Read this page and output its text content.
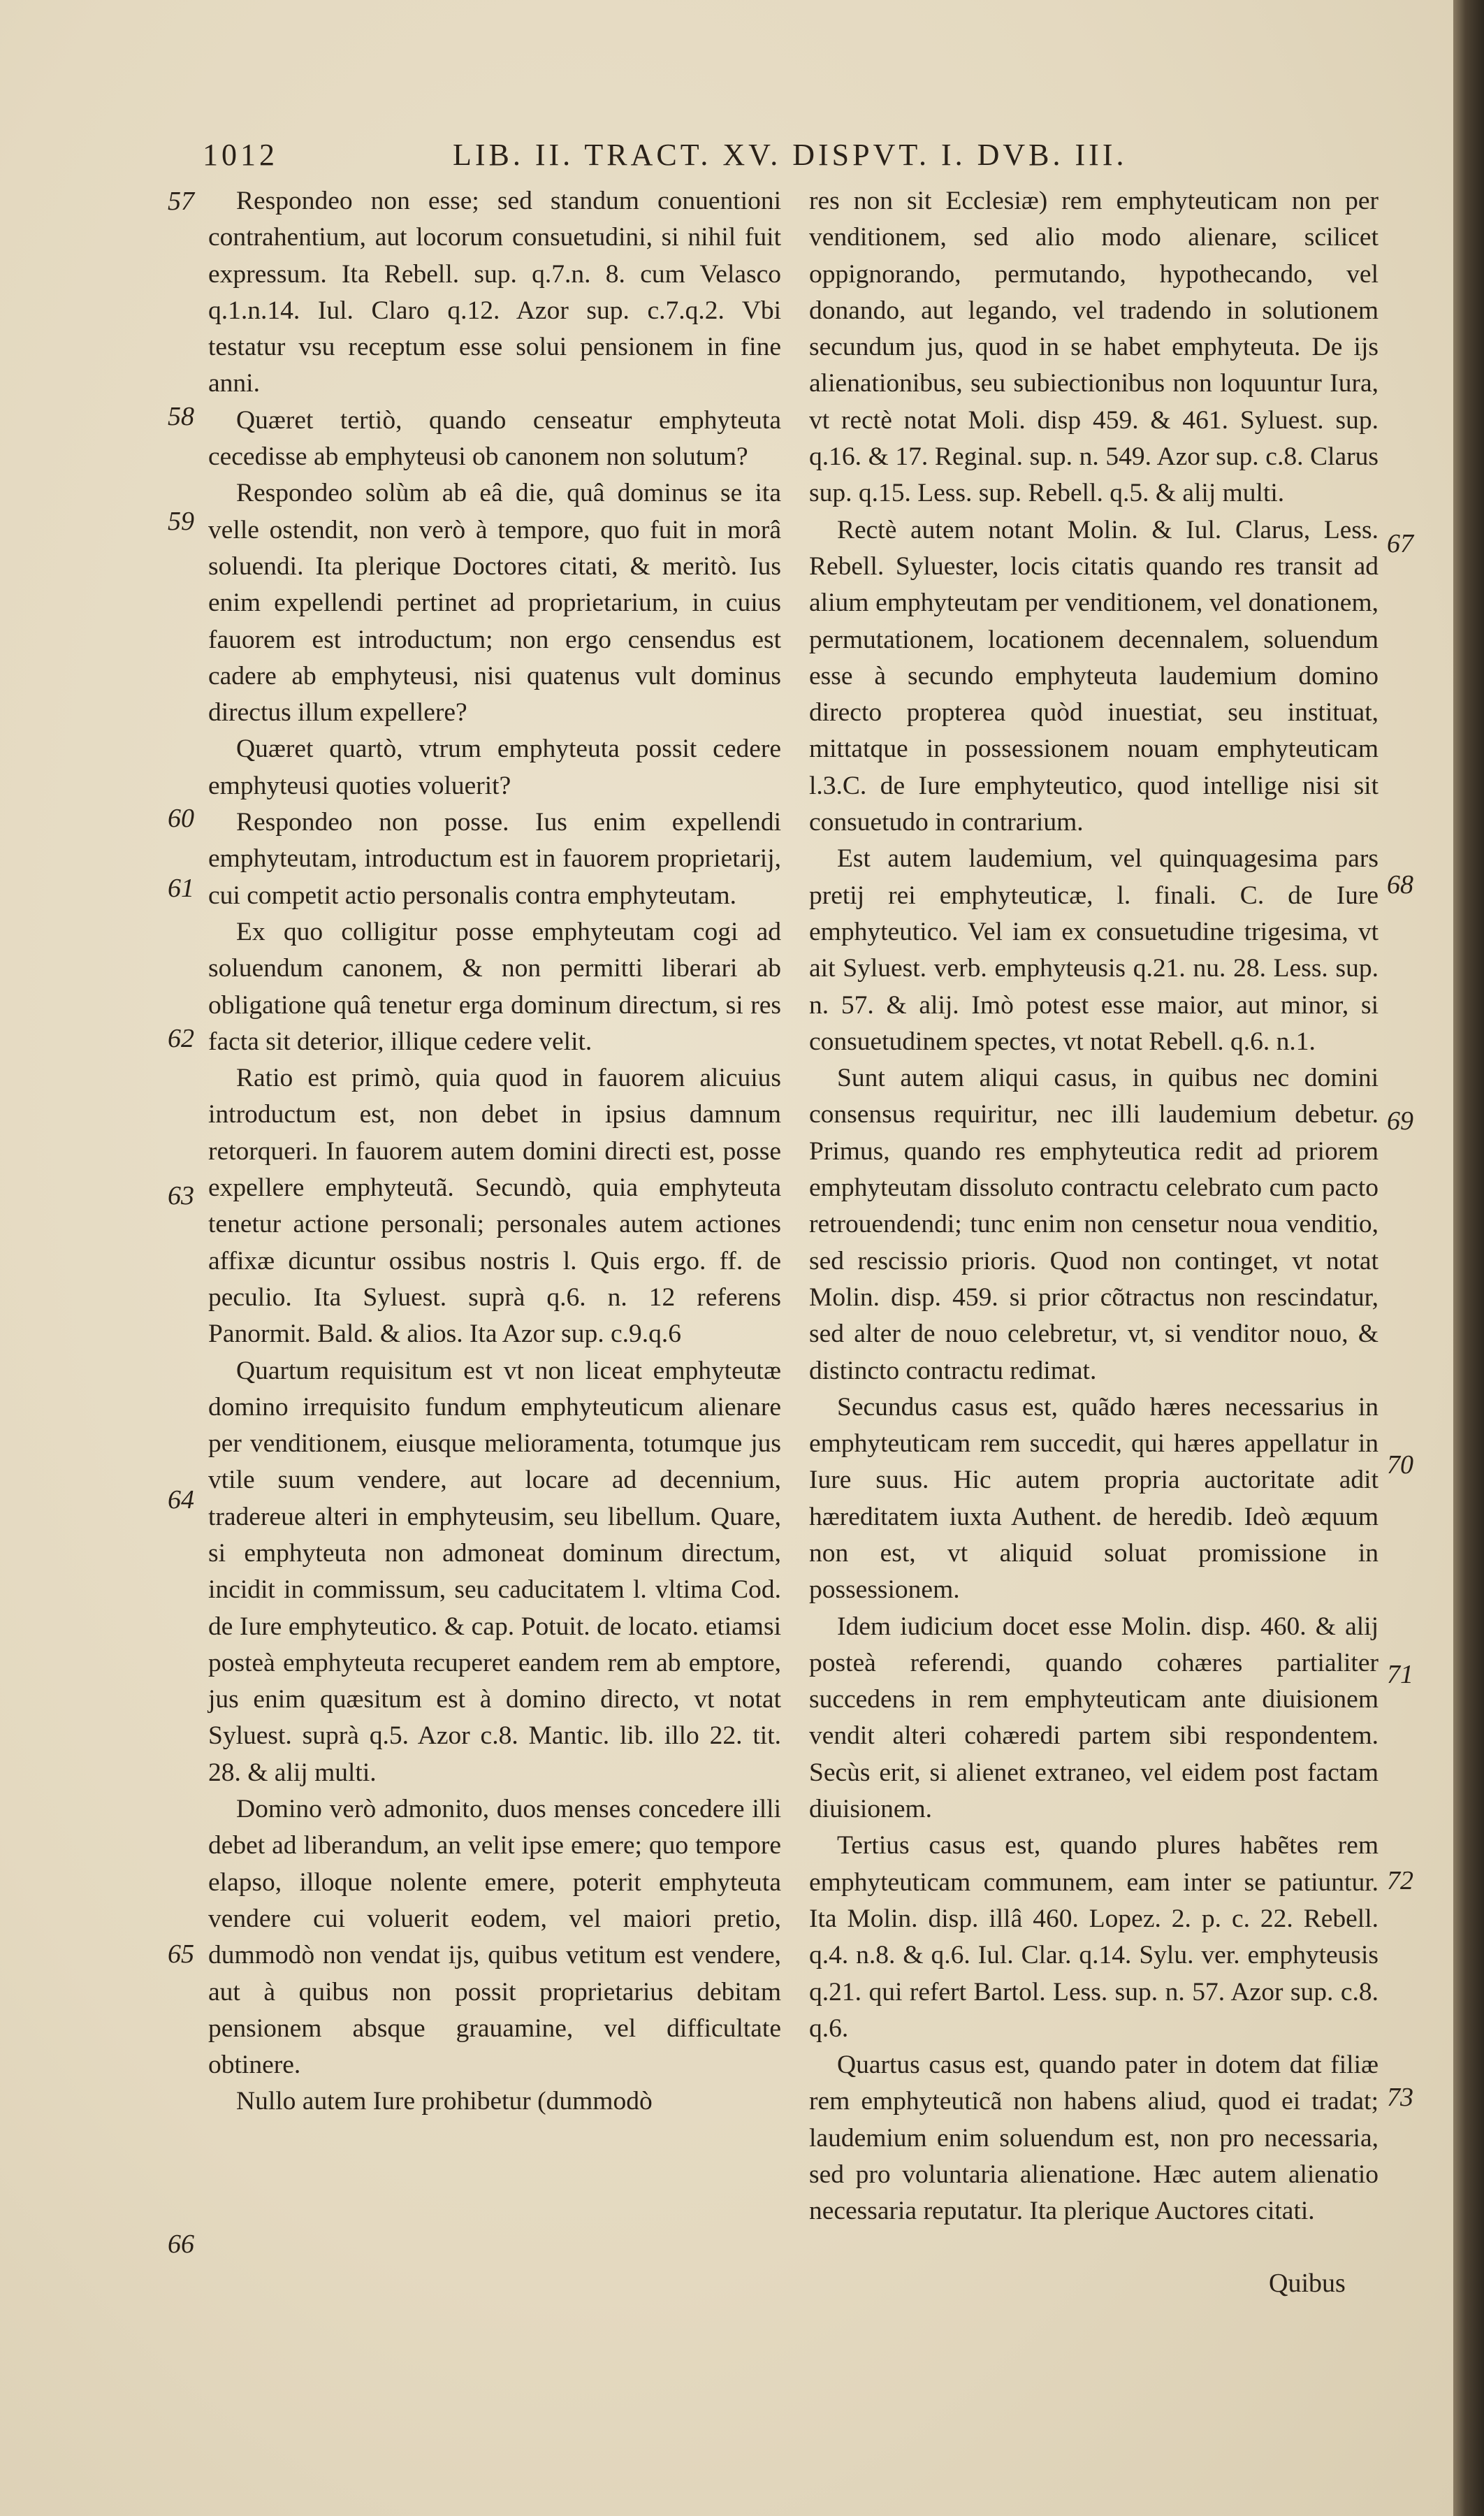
1012	LIB. II. TRACT. XV. DISPVT. I. DVB. III.
57
58
59
60
61
62
63
64
65
66
Respondeo non esse; sed standum conuentioni contrahentium, aut locorum consuetudini, si nihil fuit expressum. Ita Rebell. sup. q.7.n. 8. cum Velasco q.1.n.14. Iul. Claro q.12. Azor sup. c.7.q.2. Vbi testatur vsu receptum esse solui pensionem in fine anni.
Quæret tertiò, quando censeatur emphyteuta cecedisse ab emphyteusi ob canonem non solutum?
Respondeo solùm ab eâ die, quâ dominus se ita velle ostendit, non verò à tempore, quo fuit in morâ soluendi. Ita plerique Doctores citati, & meritò. Ius enim expellendi pertinet ad proprietarium, in cuius fauorem est introductum; non ergo censendus est cadere ab emphyteusi, nisi quatenus vult dominus directus illum expellere?
Quæret quartò, vtrum emphyteuta possit cedere emphyteusi quoties voluerit?
Respondeo non posse. Ius enim expellendi emphyteutam, introductum est in fauorem proprietarij, cui competit actio personalis contra emphyteutam.
Ex quo colligitur posse emphyteutam cogi ad soluendum canonem, & non permitti liberari ab obligatione quâ tenetur erga dominum directum, si res facta sit deterior, illique cedere velit.
Ratio est primò, quia quod in fauorem alicuius introductum est, non debet in ipsius damnum retorqueri. In fauorem autem domini directi est, posse expellere emphyteutã. Secundò, quia emphyteuta tenetur actione personali; personales autem actiones affixæ dicuntur ossibus nostris l. Quis ergo. ff. de peculio. Ita Syluest. suprà q.6. n. 12 referens Panormit. Bald. & alios. Ita Azor sup. c.9.q.6
Quartum requisitum est vt non liceat emphyteutæ domino irrequisito fundum emphyteuticum alienare per venditionem, eiusque melioramenta, totumque jus vtile suum vendere, aut locare ad decennium, tradereue alteri in emphyteusim, seu libellum. Quare, si emphyteuta non admoneat dominum directum, incidit in commissum, seu caducitatem l. vltima Cod. de Iure emphyteutico. & cap. Potuit. de locato. etiamsi posteà emphyteuta recuperet eandem rem ab emptore, jus enim quæsitum est à domino directo, vt notat Syluest. suprà q.5. Azor c.8. Mantic. lib. illo 22. tit. 28. & alij multi.
Domino verò admonito, duos menses concedere illi debet ad liberandum, an velit ipse emere; quo tempore elapso, illoque nolente emere, poterit emphyteuta vendere cui voluerit eodem, vel maiori pretio, dummodò non vendat ijs, quibus vetitum est vendere, aut à quibus non possit proprietarius debitam pensionem absque grauamine, vel difficultate obtinere.
Nullo autem Iure prohibetur (dummodò
67
68
69
70
71
72
73
res non sit Ecclesiæ) rem emphyteuticam non per venditionem, sed alio modo alienare, scilicet oppignorando, permutando, hypothecando, vel donando, aut legando, vel tradendo in solutionem secundum jus, quod in se habet emphyteuta. De ijs alienationibus, seu subiectionibus non loquuntur Iura, vt rectè notat Moli. disp 459. & 461. Syluest. sup. q.16. & 17. Reginal. sup. n. 549. Azor sup. c.8. Clarus sup. q.15. Less. sup. Rebell. q.5. & alij multi.
Rectè autem notant Molin. & Iul. Clarus, Less. Rebell. Syluester, locis citatis quando res transit ad alium emphyteutam per venditionem, vel donationem, permutationem, locationem decennalem, soluendum esse à secundo emphyteuta laudemium domino directo propterea quòd inuestiat, seu instituat, mittatque in possessionem nouam emphyteuticam l.3.C. de Iure emphyteutico, quod intellige nisi sit consuetudo in contrarium.
Est autem laudemium, vel quinquagesima pars pretij rei emphyteuticæ, l. finali. C. de Iure emphyteutico. Vel iam ex consuetudine trigesima, vt ait Syluest. verb. emphyteusis q.21. nu. 28. Less. sup. n. 57. & alij. Imò potest esse maior, aut minor, si consuetudinem spectes, vt notat Rebell. q.6. n.1.
Sunt autem aliqui casus, in quibus nec domini consensus requiritur, nec illi laudemium debetur. Primus, quando res emphyteutica redit ad priorem emphyteutam dissoluto contractu celebrato cum pacto retrouendendi; tunc enim non censetur noua venditio, sed rescissio prioris. Quod non continget, vt notat Molin. disp. 459. si prior cõtractus non rescindatur, sed alter de nouo celebretur, vt, si venditor nouo, & distincto contractu redimat.
Secundus casus est, quãdo hæres necessarius in emphyteuticam rem succedit, qui hæres appellatur in Iure suus. Hic autem propria auctoritate adit hæreditatem iuxta Authent. de heredib. Ideò æquum non est, vt aliquid soluat promissione in possessionem.
Idem iudicium docet esse Molin. disp. 460. & alij posteà referendi, quando cohæres partialiter succedens in rem emphyteuticam ante diuisionem vendit alteri cohæredi partem sibi respondentem. Secùs erit, si alienet extraneo, vel eidem post factam diuisionem.
Tertius casus est, quando plures habẽtes rem emphyteuticam communem, eam inter se patiuntur. Ita Molin. disp. illâ 460. Lopez. 2. p. c. 22. Rebell. q.4. n.8. & q.6. Iul. Clar. q.14. Sylu. ver. emphyteusis q.21. qui refert Bartol. Less. sup. n. 57. Azor sup. c.8. q.6.
Quartus casus est, quando pater in dotem dat filiæ rem emphyteuticã non habens aliud, quod ei tradat; laudemium enim soluendum est, non pro necessaria, sed pro voluntaria alienatione. Hæc autem alienatio necessaria reputatur. Ita plerique Auctores citati.
Quibus
